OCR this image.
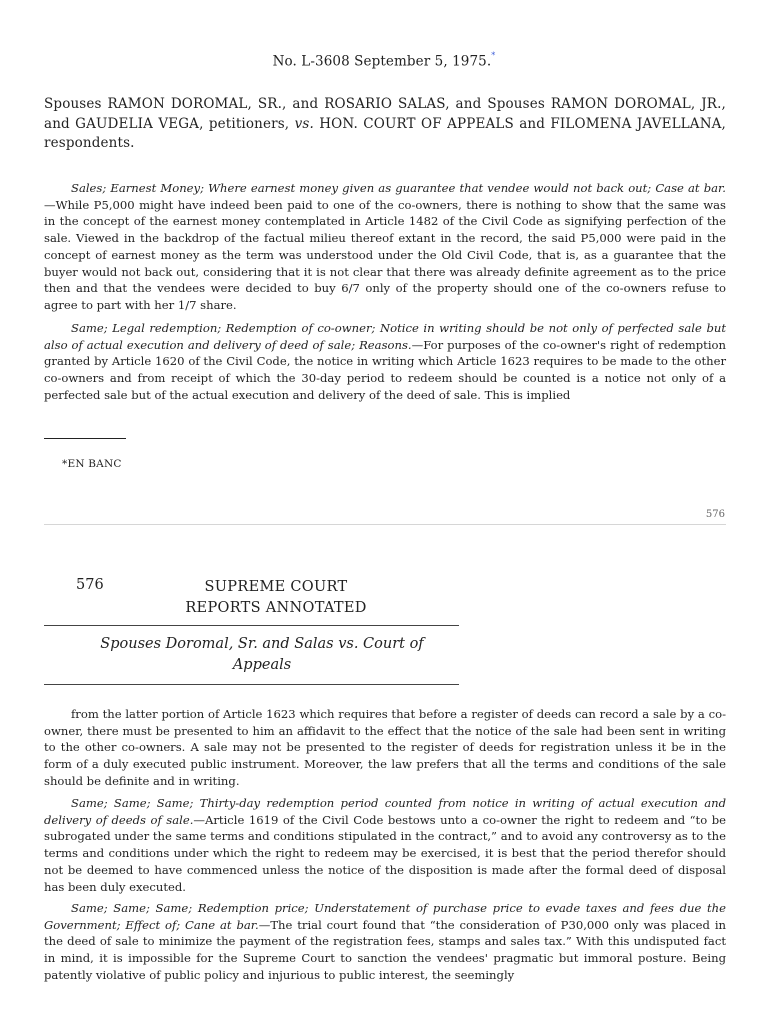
No. L-3608 September 5, 1975.*
Spouses RAMON DOROMAL, SR., and ROSARIO SALAS, and Spouses RAMON DOROMAL, JR., and GAUDELIA VEGA, petitioners, vs. HON. COURT OF APPEALS and FILOMENA JAVELLANA, respondents.

Sales; Earnest Money; Where earnest money given as guarantee that vendee would not back out; Case at bar.—While P5,000 might have indeed been paid to one of the co-owners, there is nothing to show that the same was in the concept of the earnest money contemplated in Article 1482 of the Civil Code as signifying perfection of the sale. Viewed in the backdrop of the factual milieu thereof extant in the record, the said P5,000 were paid in the concept of earnest money as the term was understood under the Old Civil Code, that is, as a guarantee that the buyer would not back out, considering that it is not clear that there was already definite agreement as to the price then and that the vendees were decided to buy 6/7 only of the property should one of the co-owners refuse to agree to part with her 1/7 share.

Same; Legal redemption; Redemption of co-owner; Notice in writing should be not only of perfected sale but also of actual execution and delivery of deed of sale; Reasons.—For purposes of the co-owner's right of redemption granted by Article 1620 of the Civil Code, the notice in writing which Article 1623 requires to be made to the other co-owners and from receipt of which the 30-day period to redeem should be counted is a notice not only of a perfected sale but of the actual execution and delivery of the deed of sale. This is implied

*EN BANC
576
576	SUPREME COURT REPORTS ANNOTATED
Spouses Doromal, Sr. and Salas vs. Court of Appeals

from the latter portion of Article 1623 which requires that before a register of deeds can record a sale by a co-owner, there must be presented to him an affidavit to the effect that the notice of the sale had been sent in writing to the other co-owners. A sale may not be presented to the register of deeds for registration unless it be in the form of a duly executed public instrument. Moreover, the law prefers that all the terms and conditions of the sale should be definite and in writing.

Same; Same; Same; Thirty-day redemption period counted from notice in writing of actual execution and delivery of deeds of sale.—Article 1619 of the Civil Code bestows unto a co-owner the right to redeem and “to be subrogated under the same terms and conditions stipulated in the contract,” and to avoid any controversy as to the terms and conditions under which the right to redeem may be exercised, it is best that the period therefor should not be deemed to have commenced unless the notice of the disposition is made after the formal deed of disposal has been duly executed.

Same; Same; Same; Redemption price; Understatement of purchase price to evade taxes and fees due the Government; Effect of; Cane at bar.—The trial court found that “the consideration of P30,000 only was placed in the deed of sale to minimize the payment of the registration fees, stamps and sales tax.” With this undisputed fact in mind, it is impossible for the Supreme Court to sanction the vendees' pragmatic but immoral posture. Being patently violative of public policy and injurious to public interest, the seemingly
